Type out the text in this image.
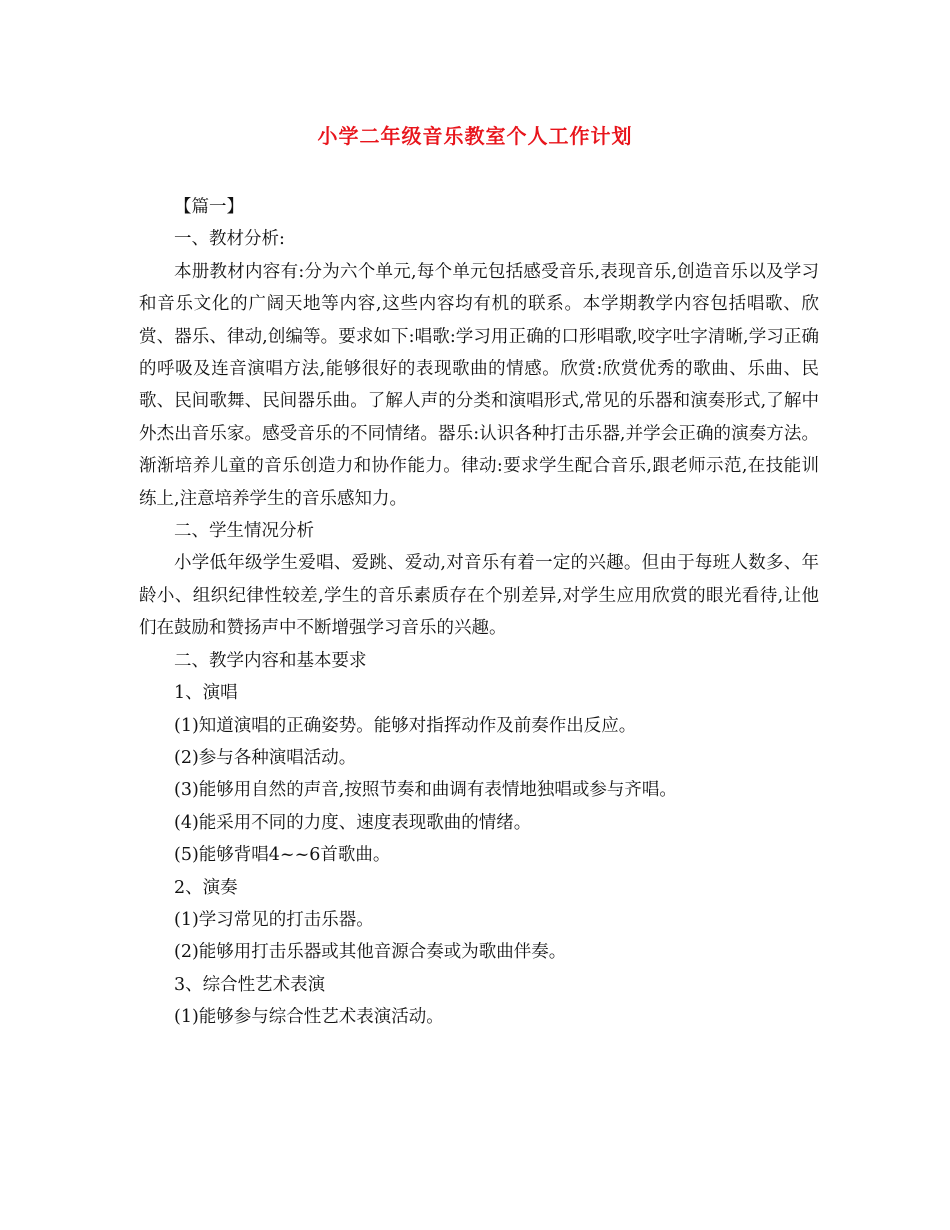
小学二年级音乐教室个人工作计划

【篇一】

一、教材分析:

本册教材内容有:分为六个单元,每个单元包括感受音乐,表现音乐,创造音乐以及学习和音乐文化的广阔天地等内容,这些内容均有机的联系。本学期教学内容包括唱歌、欣赏、器乐、律动,创编等。要求如下:唱歌:学习用正确的口形唱歌,咬字吐字清晰,学习正确的呼吸及连音演唱方法,能够很好的表现歌曲的情感。欣赏:欣赏优秀的歌曲、乐曲、民歌、民间歌舞、民间器乐曲。了解人声的分类和演唱形式,常见的乐器和演奏形式,了解中外杰出音乐家。感受音乐的不同情绪。器乐:认识各种打击乐器,并学会正确的演奏方法。渐渐培养儿童的音乐创造力和协作能力。律动:要求学生配合音乐,跟老师示范,在技能训练上,注意培养学生的音乐感知力。

二、学生情况分析

小学低年级学生爱唱、爱跳、爱动,对音乐有着一定的兴趣。但由于每班人数多、年龄小、组织纪律性较差,学生的音乐素质存在个别差异,对学生应用欣赏的眼光看待,让他们在鼓励和赞扬声中不断增强学习音乐的兴趣。

二、教学内容和基本要求

1、演唱

(1)知道演唱的正确姿势。能够对指挥动作及前奏作出反应。

(2)参与各种演唱活动。

(3)能够用自然的声音,按照节奏和曲调有表情地独唱或参与齐唱。

(4)能采用不同的力度、速度表现歌曲的情绪。

(5)能够背唱4~~6首歌曲。

2、演奏

(1)学习常见的打击乐器。

(2)能够用打击乐器或其他音源合奏或为歌曲伴奏。

3、综合性艺术表演

(1)能够参与综合性艺术表演活动。
